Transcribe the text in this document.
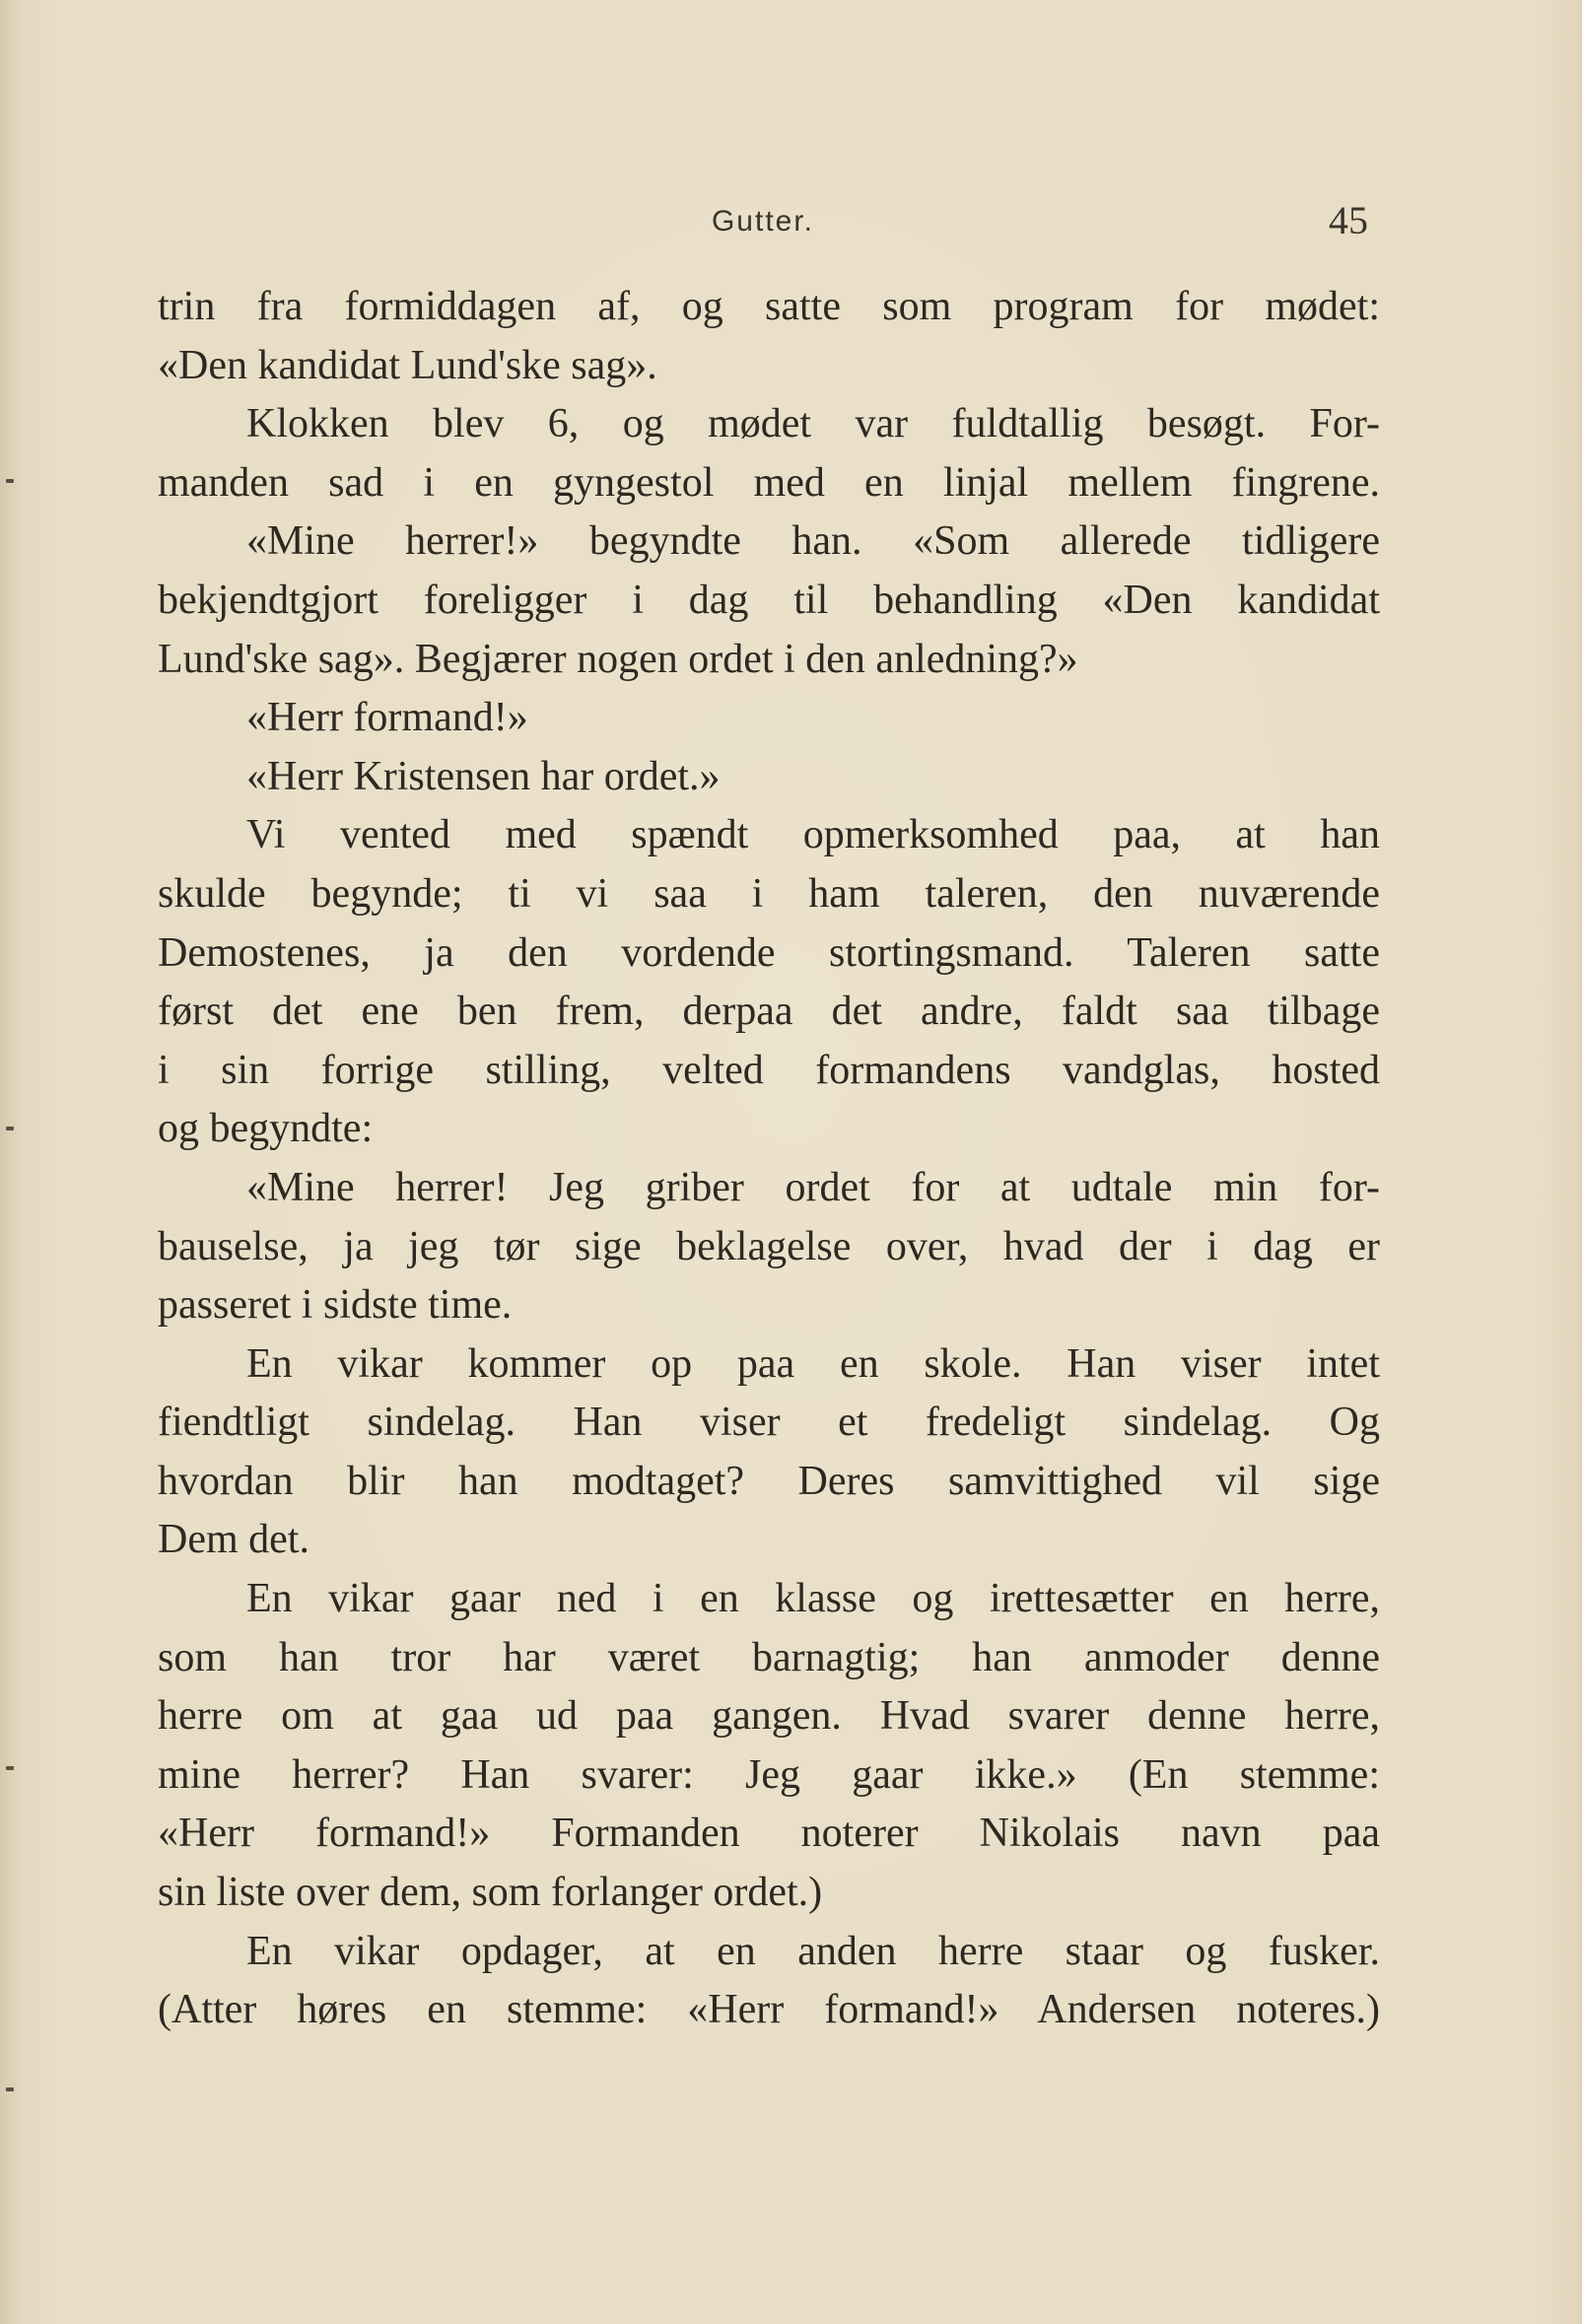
Gutter.	45
trin fra formiddagen af, og satte som program for mødet:
«Den kandidat Lund'ske sag».
Klokken blev 6, og mødet var fuldtallig besøgt. For-
manden sad i en gyngestol med en linjal mellem fingrene.
«Mine herrer!» begyndte han. «Som allerede tidligere
bekjendtgjort foreligger i dag til behandling «Den kandidat
Lund'ske sag». Begjærer nogen ordet i den anledning?»
«Herr formand!»
«Herr Kristensen har ordet.»
Vi vented med spændt opmerksomhed paa, at han
skulde begynde; ti vi saa i ham taleren, den nuværende
Demostenes, ja den vordende stortingsmand. Taleren satte
først det ene ben frem, derpaa det andre, faldt saa tilbage
i sin forrige stilling, velted formandens vandglas, hosted
og begyndte:
«Mine herrer! Jeg griber ordet for at udtale min for-
bauselse, ja jeg tør sige beklagelse over, hvad der i dag er
passeret i sidste time.
En vikar kommer op paa en skole. Han viser intet
fiendtligt sindelag. Han viser et fredeligt sindelag. Og
hvordan blir han modtaget? Deres samvittighed vil sige
Dem det.
En vikar gaar ned i en klasse og irettesætter en herre,
som han tror har været barnagtig; han anmoder denne
herre om at gaa ud paa gangen. Hvad svarer denne herre,
mine herrer? Han svarer: Jeg gaar ikke.» (En stemme:
«Herr formand!» Formanden noterer Nikolais navn paa
sin liste over dem, som forlanger ordet.)
En vikar opdager, at en anden herre staar og fusker.
(Atter høres en stemme: «Herr formand!» Andersen noteres.)
